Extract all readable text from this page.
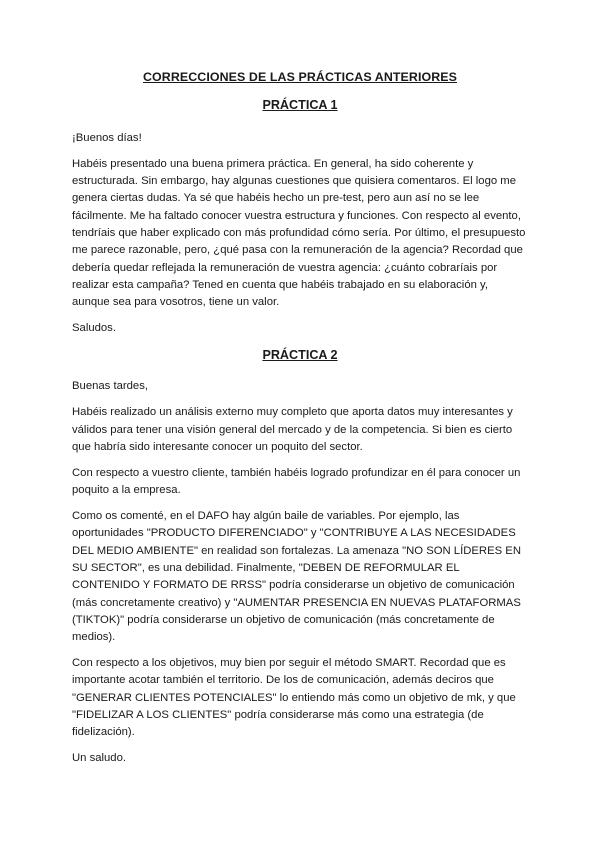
CORRECCIONES DE LAS PRÁCTICAS ANTERIORES
PRÁCTICA 1

¡Buenos días!

Habéis presentado una buena primera práctica. En general, ha sido coherente y estructurada. Sin embargo, hay algunas cuestiones que quisiera comentaros. El logo me genera ciertas dudas. Ya sé que habéis hecho un pre-test, pero aun así no se lee fácilmente. Me ha faltado conocer vuestra estructura y funciones. Con respecto al evento, tendríais que haber explicado con más profundidad cómo sería. Por último, el presupuesto me parece razonable, pero, ¿qué pasa con la remuneración de la agencia? Recordad que debería quedar reflejada la remuneración de vuestra agencia: ¿cuánto cobraríais por realizar esta campaña? Tened en cuenta que habéis trabajado en su elaboración y, aunque sea para vosotros, tiene un valor.

Saludos.

PRÁCTICA 2

Buenas tardes,

Habéis realizado un análisis externo muy completo que aporta datos muy interesantes y válidos para tener una visión general del mercado y de la competencia. Si bien es cierto que habría sido interesante conocer un poquito del sector.

Con respecto a vuestro cliente, también habéis logrado profundizar en él para conocer un poquito a la empresa.

Como os comenté, en el DAFO hay algún baile de variables. Por ejemplo, las oportunidades "PRODUCTO DIFERENCIADO" y "CONTRIBUYE A LAS NECESIDADES DEL MEDIO AMBIENTE" en realidad son fortalezas. La amenaza "NO SON LÍDERES EN SU SECTOR", es una debilidad. Finalmente, "DEBEN DE REFORMULAR EL CONTENIDO Y FORMATO DE RRSS" podría considerarse un objetivo de comunicación (más concretamente creativo) y "AUMENTAR PRESENCIA EN NUEVAS PLATAFORMAS (TIKTOK)" podría considerarse un objetivo de comunicación (más concretamente de medios).

Con respecto a los objetivos, muy bien por seguir el método SMART. Recordad que es importante acotar también el territorio. De los de comunicación, además deciros que "GENERAR CLIENTES POTENCIALES" lo entiendo más como un objetivo de mk, y que "FIDELIZAR A LOS CLIENTES" podría considerarse más como una estrategia (de fidelización).

Un saludo.
